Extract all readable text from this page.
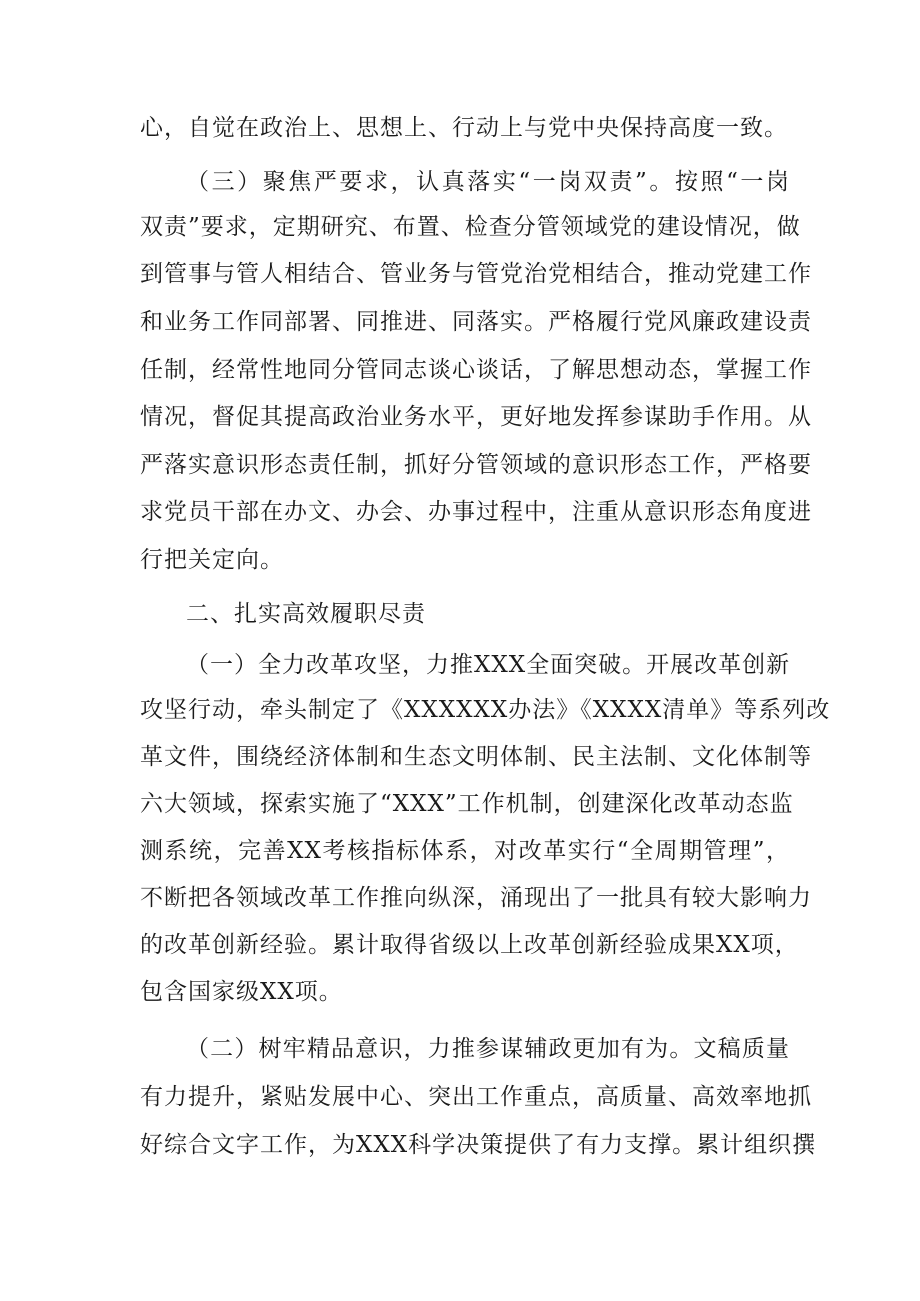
心，自觉在政治上、思想上、行动上与党中央保持高度一致。
（三）聚焦严要求，认真落实“一岗双责”。按照“一岗
双责”要求，定期研究、布置、检查分管领域党的建设情况，做
到管事与管人相结合、管业务与管党治党相结合，推动党建工作
和业务工作同部署、同推进、同落实。严格履行党风廉政建设责
任制，经常性地同分管同志谈心谈话，了解思想动态，掌握工作
情况，督促其提高政治业务水平，更好地发挥参谋助手作用。从
严落实意识形态责任制，抓好分管领域的意识形态工作，严格要
求党员干部在办文、办会、办事过程中，注重从意识形态角度进
行把关定向。
二、扎实高效履职尽责
（一）全力改革攻坚，力推XXX全面突破。开展改革创新
攻坚行动，牵头制定了《XXXXXX办法》《XXXX清单》等系列改
革文件，围绕经济体制和生态文明体制、民主法制、文化体制等
六大领域，探索实施了“XXX”工作机制，创建深化改革动态监
测系统，完善XX考核指标体系，对改革实行“全周期管理”，
不断把各领域改革工作推向纵深，涌现出了一批具有较大影响力
的改革创新经验。累计取得省级以上改革创新经验成果XX项，
包含国家级XX项。
（二）树牢精品意识，力推参谋辅政更加有为。文稿质量
有力提升，紧贴发展中心、突出工作重点，高质量、高效率地抓
好综合文字工作，为XXX科学决策提供了有力支撑。累计组织撰
